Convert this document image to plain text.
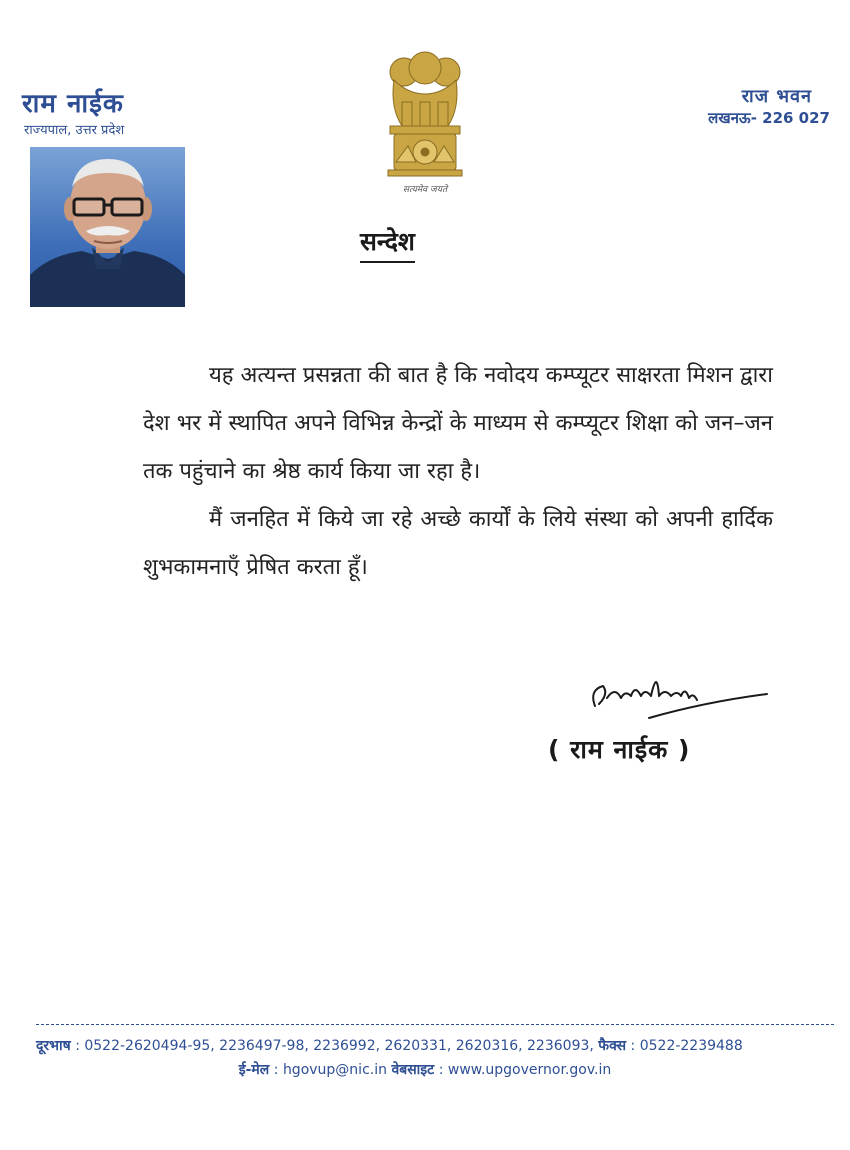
राम नाईक

राज्यपाल, उत्तर प्रदेश

सत्यमेव जयते
राज भवन

लखनऊ- 226 027

सन्देश

यह अत्यन्त प्रसन्नता की बात है कि नवोदय कम्प्यूटर साक्षरता मिशन द्वारा देश भर में स्थापित अपने विभिन्न केन्द्रों के माध्यम से कम्प्यूटर शिक्षा को जन–जन तक पहुंचाने का श्रेष्ठ कार्य किया जा रहा है।

मैं जनहित में किये जा रहे अच्छे कार्यों के लिये संस्था को अपनी हार्दिक शुभकामनाएँ प्रेषित करता हूँ।

( राम नाईक )

दूरभाष : 0522-2620494-95, 2236497-98, 2236992, 2620331, 2620316, 2236093, फैक्स : 0522-2239488

ई-मेल : hgovup@nic.in वेबसाइट : www.upgovernor.gov.in
